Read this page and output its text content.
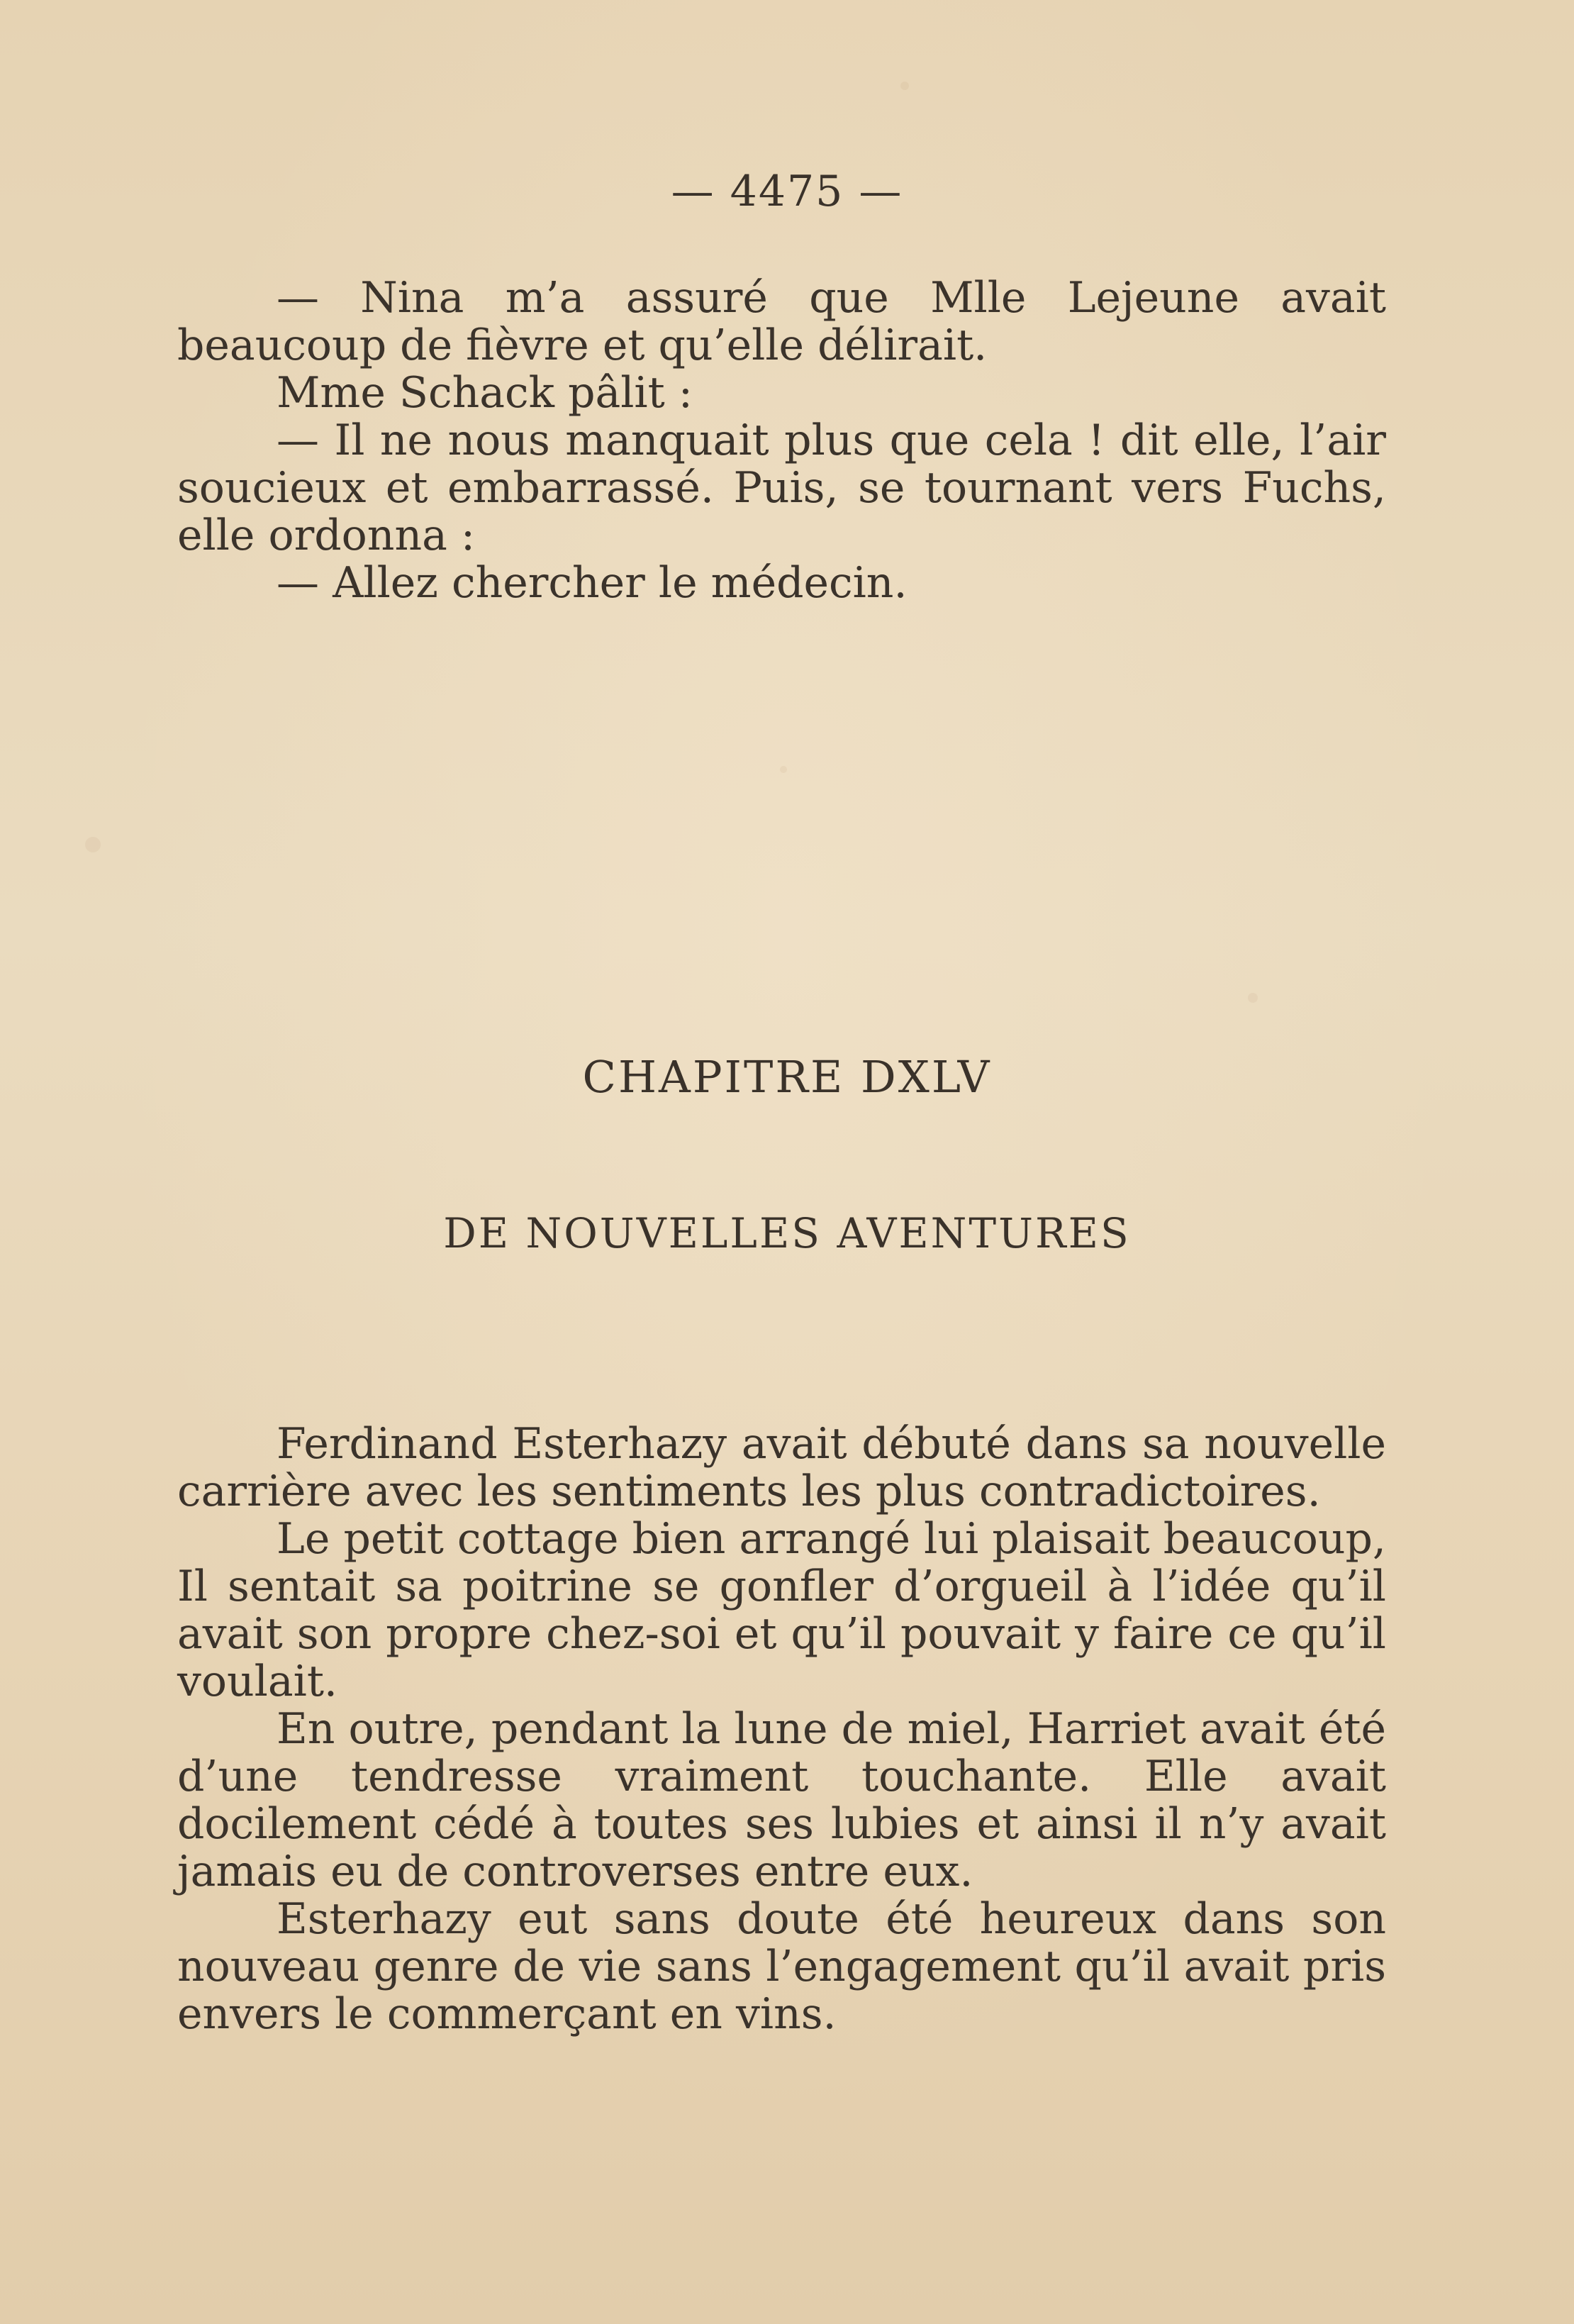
— 4475 —

— Nina m’a assuré que Mlle Lejeune avait beaucoup de fièvre et qu’elle délirait.

Mme Schack pâlit :

— Il ne nous manquait plus que cela ! dit elle, l’air soucieux et embarrassé. Puis, se tournant vers Fuchs, elle ordonna :

— Allez chercher le médecin.

CHAPITRE DXLV
DE NOUVELLES AVENTURES

Ferdinand Esterhazy avait débuté dans sa nouvelle carrière avec les sentiments les plus contradictoires.

Le petit cottage bien arrangé lui plaisait beaucoup, Il sentait sa poitrine se gonfler d’orgueil à l’idée qu’il avait son propre chez-soi et qu’il pouvait y faire ce qu’il voulait.

En outre, pendant la lune de miel, Harriet avait été d’une tendresse vraiment touchante. Elle avait docilement cédé à toutes ses lubies et ainsi il n’y avait jamais eu de controverses entre eux.

Esterhazy eut sans doute été heureux dans son nouveau genre de vie sans l’engagement qu’il avait pris envers le commerçant en vins.
